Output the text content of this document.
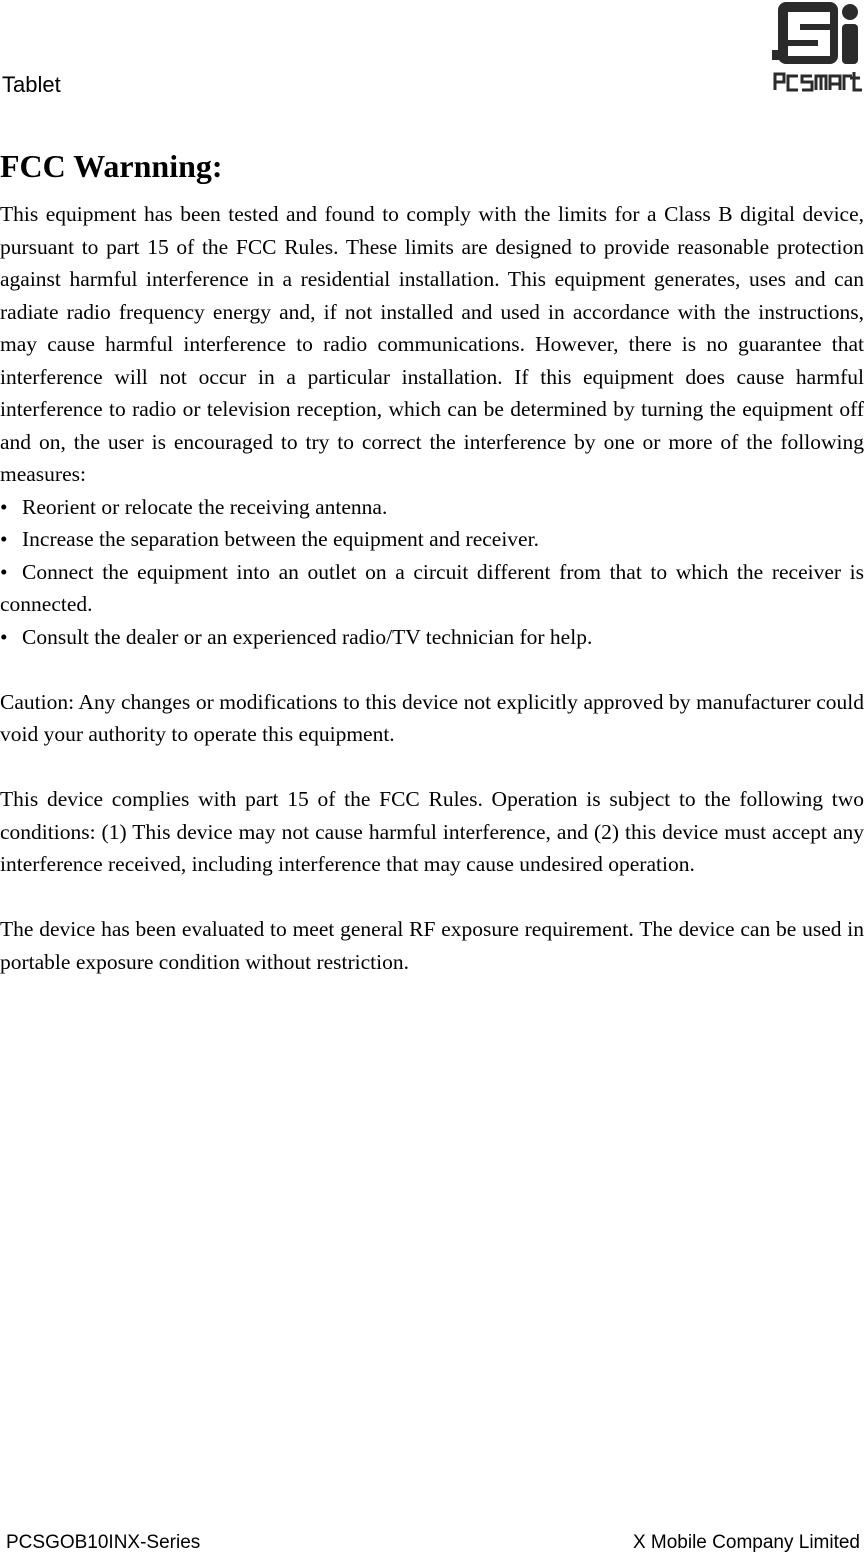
Tablet
FCC Warnning:

This equipment has been tested and found to comply with the limits for a Class B digital device, pursuant to part 15 of the FCC Rules. These limits are designed to provide reasonable protection against harmful interference in a residential installation. This equipment generates, uses and can radiate radio frequency energy and, if not installed and used in accordance with the instructions, may cause harmful interference to radio communications. However, there is no guarantee that interference will not occur in a particular installation. If this equipment does cause harmful interference to radio or television reception, which can be determined by turning the equipment off and on, the user is encouraged to try to correct the interference by one or more of the following measures:

• Reorient or relocate the receiving antenna.

• Increase the separation between the equipment and receiver.

• Connect the equipment into an outlet on a circuit different from that to which the receiver is connected.

• Consult the dealer or an experienced radio/TV technician for help.

Caution: Any changes or modifications to this device not explicitly approved by manufacturer could void your authority to operate this equipment.

This device complies with part 15 of the FCC Rules. Operation is subject to the following two conditions: (1) This device may not cause harmful interference, and (2) this device must accept any interference received, including interference that may cause undesired operation.

The device has been evaluated to meet general RF exposure requirement. The device can be used in portable exposure condition without restriction.

PCSGOB10INX-Series	X Mobile Company Limited
